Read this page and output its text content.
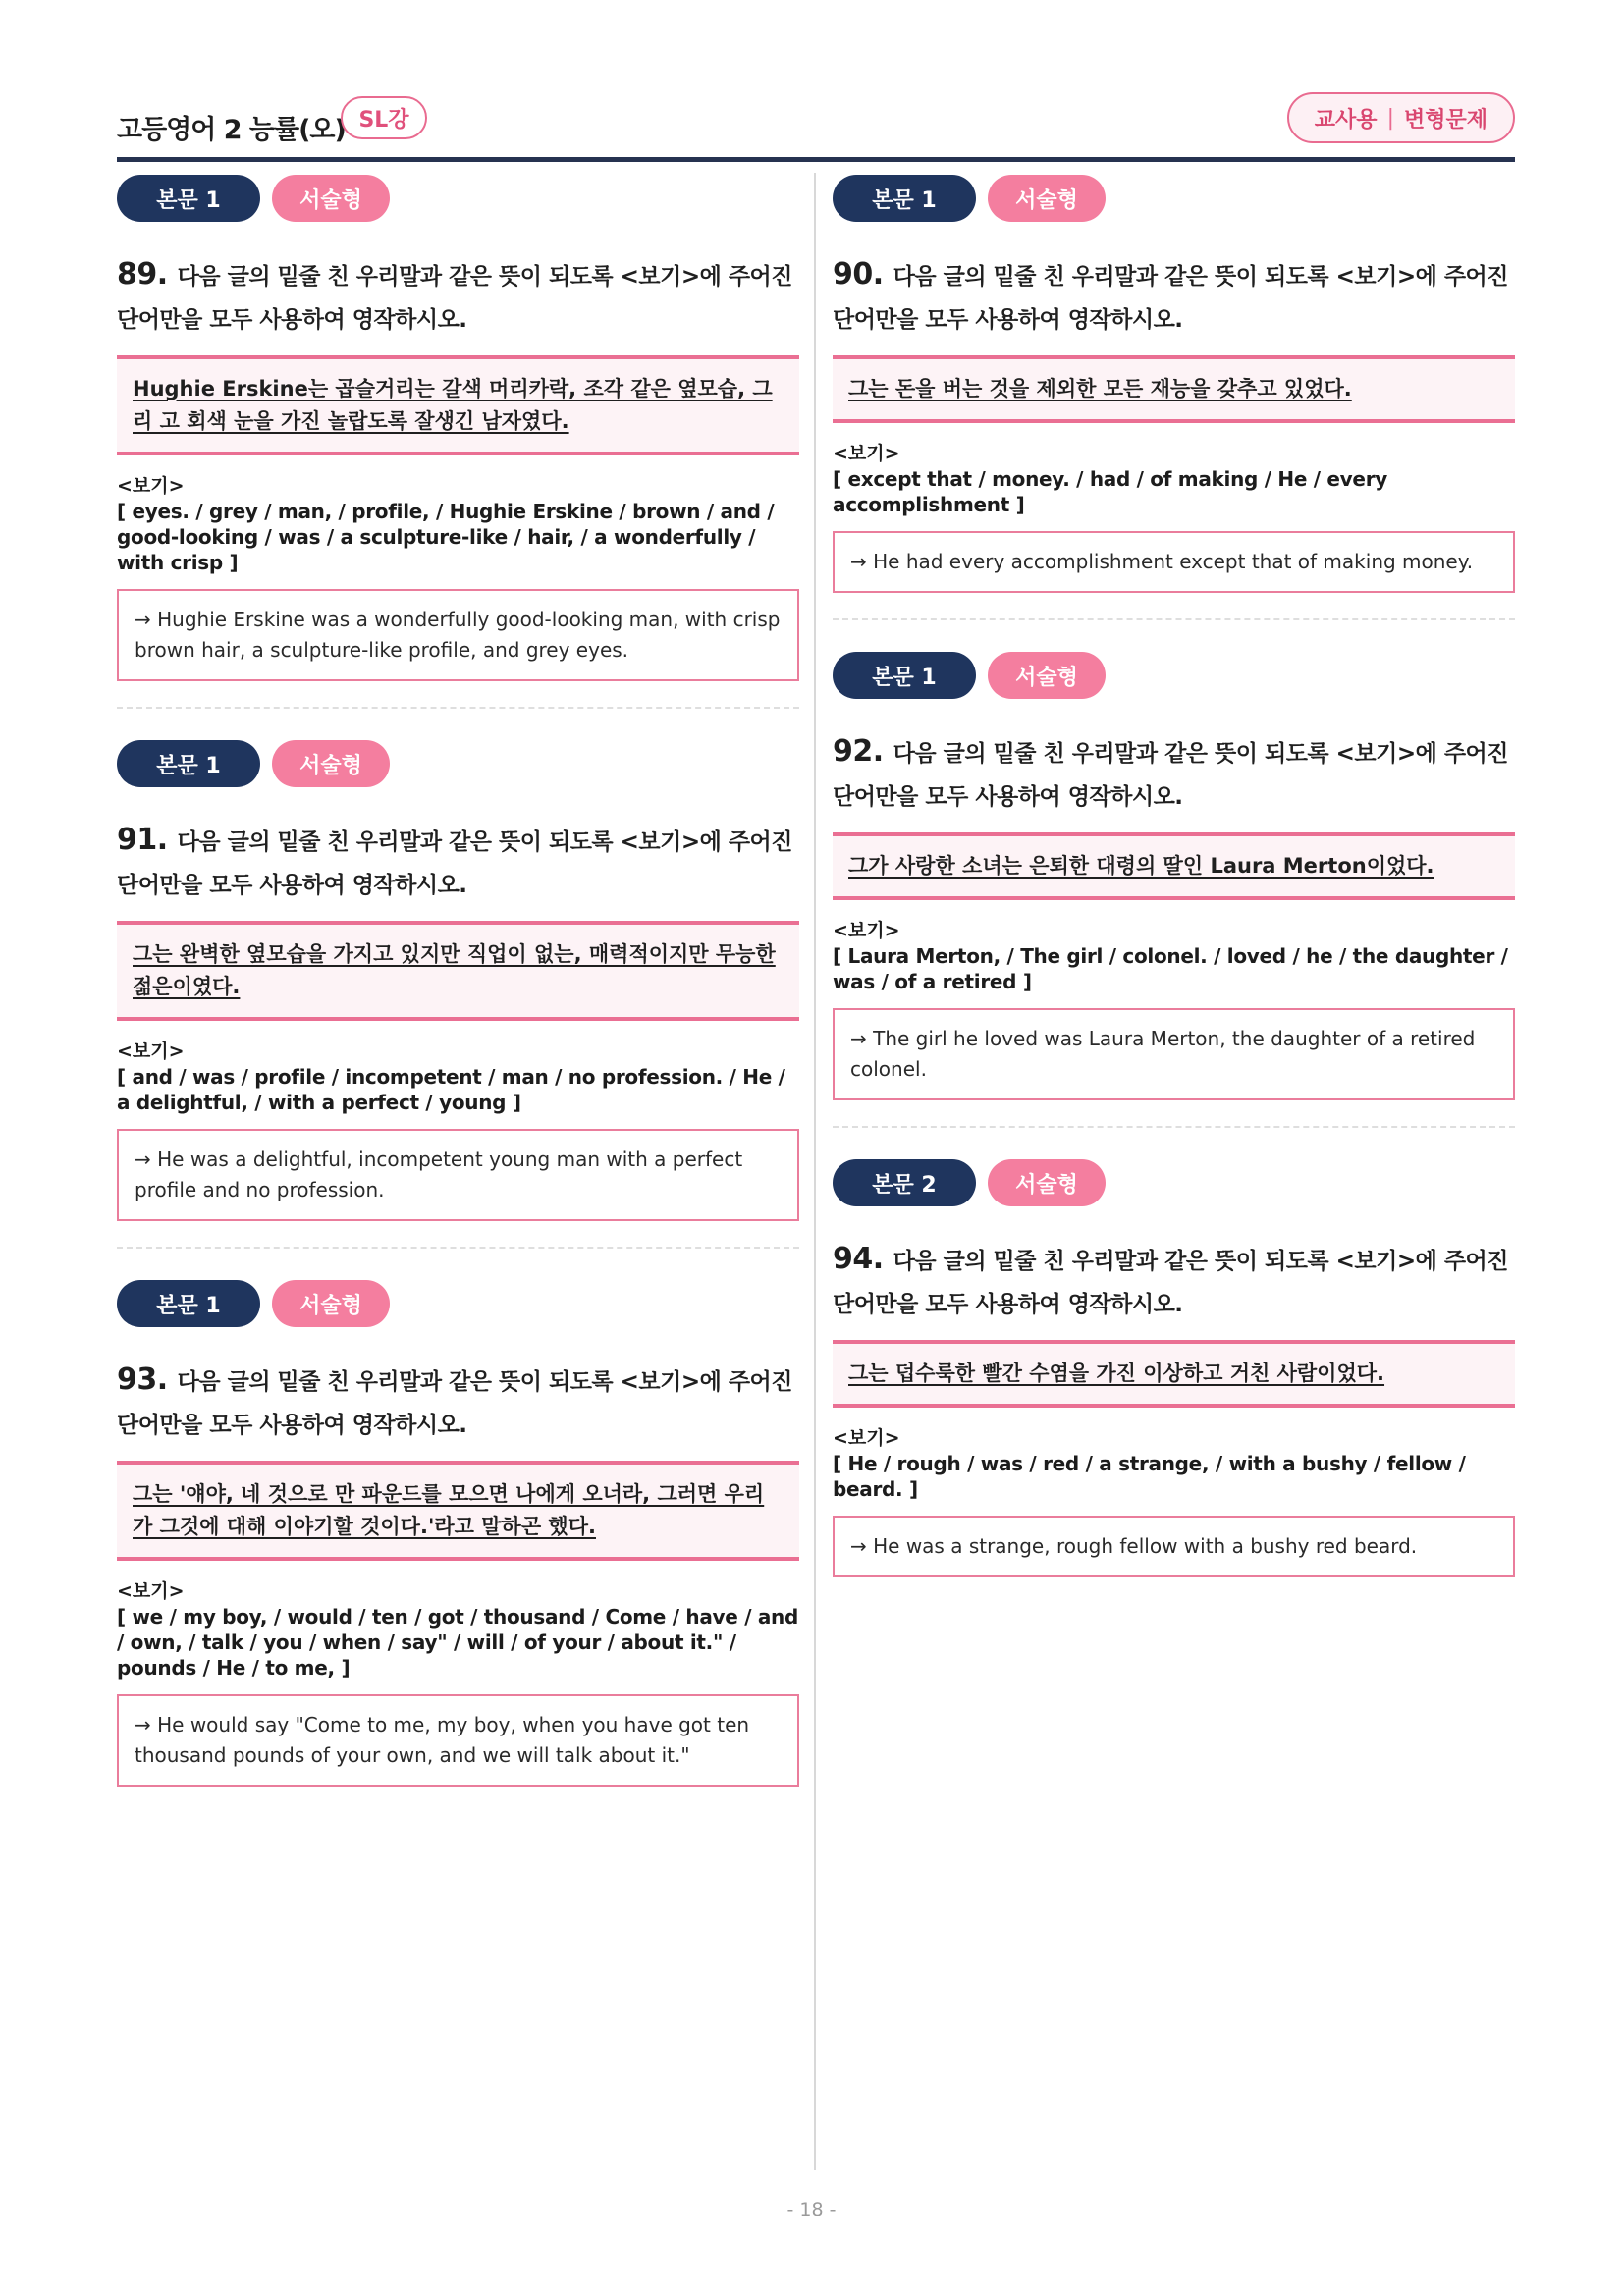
고등영어 2 능률(오) SL강	교사용 | 변형문제
본문 1	서술형
89. 다음 글의 밑줄 친 우리말과 같은 뜻이 되도록 <보기>에 주어진 단어만을 모두 사용하여 영작하시오.
Hughie Erskine는 곱슬거리는 갈색 머리카락, 조각 같은 옆모습, 그리 고 회색 눈을 가진 놀랍도록 잘생긴 남자였다.
<보기>
[ eyes. / grey / man, / profile, / Hughie Erskine / brown / and / good-looking / was / a sculpture-like / hair, / a wonderfully / with crisp ]
→ Hughie Erskine was a wonderfully good-looking man, with crisp brown hair, a sculpture-like profile, and grey eyes.
본문 1	서술형
91. 다음 글의 밑줄 친 우리말과 같은 뜻이 되도록 <보기>에 주어진 단어만을 모두 사용하여 영작하시오.
그는 완벽한 옆모습을 가지고 있지만 직업이 없는, 매력적이지만 무능한 젊은이였다.
<보기>
[ and / was / profile / incompetent / man / no profession. / He / a delightful, / with a perfect / young ]
→ He was a delightful, incompetent young man with a perfect profile and no profession.
본문 1	서술형
93. 다음 글의 밑줄 친 우리말과 같은 뜻이 되도록 <보기>에 주어진 단어만을 모두 사용하여 영작하시오.
그는 '얘야, 네 것으로 만 파운드를 모으면 나에게 오너라, 그러면 우리가 그것에 대해 이야기할 것이다.'라고 말하곤 했다.
<보기>
[ we / my boy, / would / ten / got / thousand / Come / have / and / own, / talk / you / when / say" / will / of your / about it." / pounds / He / to me, ]
→ He would say "Come to me, my boy, when you have got ten thousand pounds of your own, and we will talk about it."
본문 1	서술형
90. 다음 글의 밑줄 친 우리말과 같은 뜻이 되도록 <보기>에 주어진 단어만을 모두 사용하여 영작하시오.
그는 돈을 버는 것을 제외한 모든 재능을 갖추고 있었다.
<보기>
[ except that / money. / had / of making / He / every accomplishment ]
→ He had every accomplishment except that of making money.
본문 1	서술형
92. 다음 글의 밑줄 친 우리말과 같은 뜻이 되도록 <보기>에 주어진 단어만을 모두 사용하여 영작하시오.
그가 사랑한 소녀는 은퇴한 대령의 딸인 Laura Merton이었다.
<보기>
[ Laura Merton, / The girl / colonel. / loved / he / the daughter / was / of a retired ]
→ The girl he loved was Laura Merton, the daughter of a retired colonel.
본문 2	서술형
94. 다음 글의 밑줄 친 우리말과 같은 뜻이 되도록 <보기>에 주어진 단어만을 모두 사용하여 영작하시오.
그는 덥수룩한 빨간 수염을 가진 이상하고 거친 사람이었다.
<보기>
[ He / rough / was / red / a strange, / with a bushy / fellow / beard. ]
→ He was a strange, rough fellow with a bushy red beard.
- 18 -
